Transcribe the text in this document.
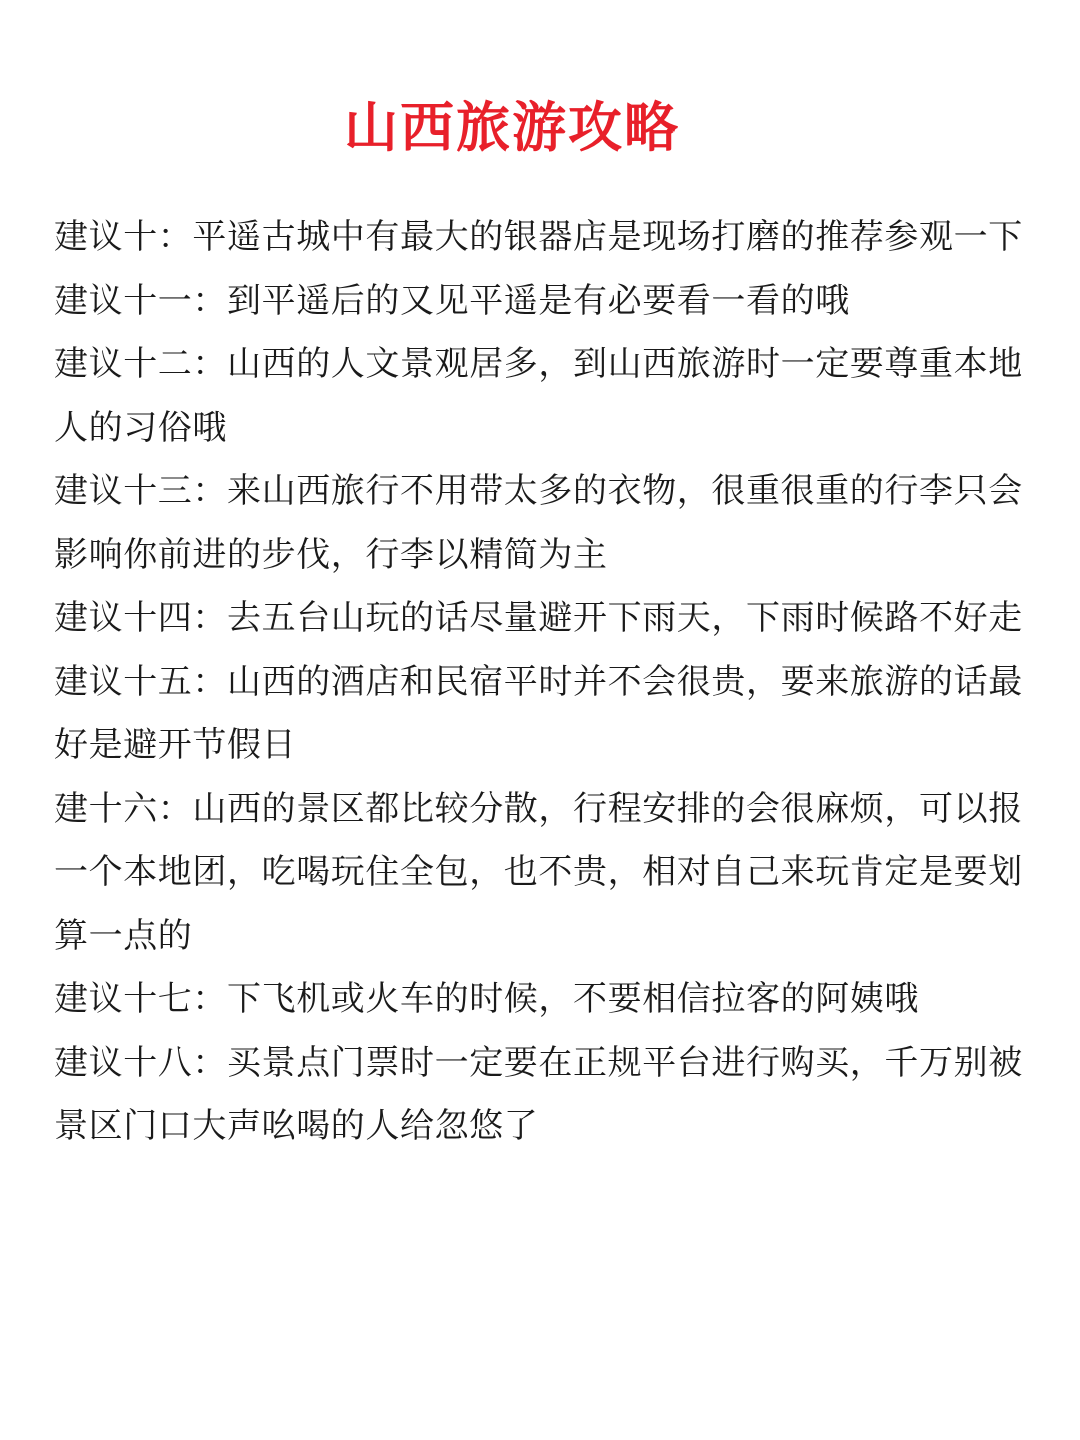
山西旅游攻略
建议十：平遥古城中有最大的银器店是现场打磨的推荐参观一下
建议十一：到平遥后的又见平遥是有必要看一看的哦
建议十二：山西的人文景观居多，到山西旅游时一定要尊重本地人的习俗哦
建议十三：来山西旅行不用带太多的衣物，很重很重的行李只会影响你前进的步伐，行李以精简为主
建议十四：去五台山玩的话尽量避开下雨天，下雨时候路不好走
建议十五：山西的酒店和民宿平时并不会很贵，要来旅游的话最好是避开节假日
建十六：山西的景区都比较分散，行程安排的会很麻烦，可以报一个本地团，吃喝玩住全包，也不贵，相对自己来玩肯定是要划算一点的
建议十七：下飞机或火车的时候，不要相信拉客的阿姨哦
建议十八：买景点门票时一定要在正规平台进行购买，千万别被景区门口大声吆喝的人给忽悠了
